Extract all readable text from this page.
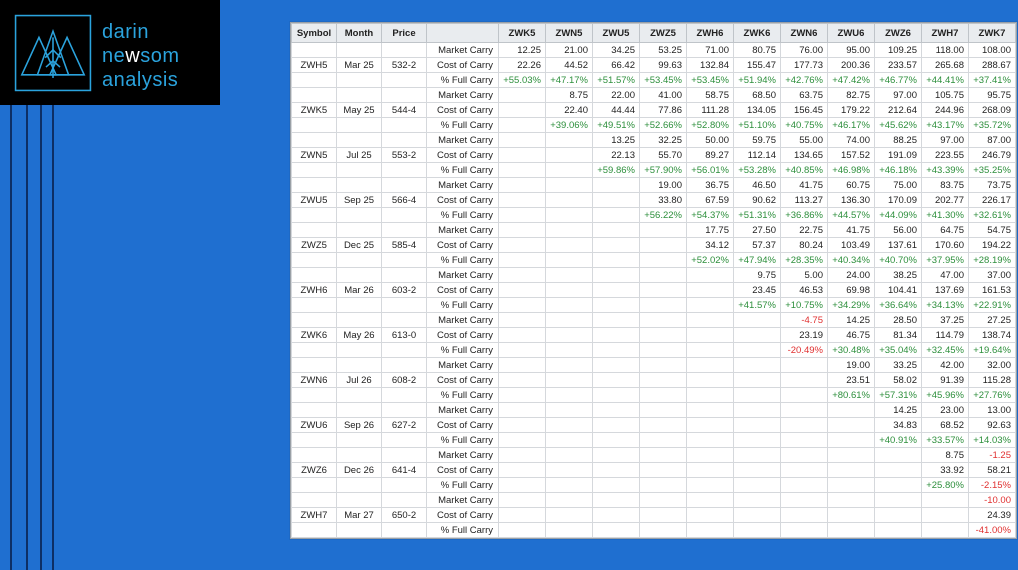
darin
newsom
analysis
Symbol	Month	Price		ZWK5	ZWN5	ZWU5	ZWZ5	ZWH6	ZWK6	ZWN6	ZWU6	ZWZ6	ZWH7	ZWK7
			Market Carry	12.25	21.00	34.25	53.25	71.00	80.75	76.00	95.00	109.25	118.00	108.00
ZWH5	Mar 25	532-2	Cost of Carry	22.26	44.52	66.42	99.63	132.84	155.47	177.73	200.36	233.57	265.68	288.67
			% Full Carry	+55.03%	+47.17%	+51.57%	+53.45%	+53.45%	+51.94%	+42.76%	+47.42%	+46.77%	+44.41%	+37.41%
			Market Carry		8.75	22.00	41.00	58.75	68.50	63.75	82.75	97.00	105.75	95.75
ZWK5	May 25	544-4	Cost of Carry		22.40	44.44	77.86	111.28	134.05	156.45	179.22	212.64	244.96	268.09
			% Full Carry		+39.06%	+49.51%	+52.66%	+52.80%	+51.10%	+40.75%	+46.17%	+45.62%	+43.17%	+35.72%
			Market Carry			13.25	32.25	50.00	59.75	55.00	74.00	88.25	97.00	87.00
ZWN5	Jul 25	553-2	Cost of Carry			22.13	55.70	89.27	112.14	134.65	157.52	191.09	223.55	246.79
			% Full Carry			+59.86%	+57.90%	+56.01%	+53.28%	+40.85%	+46.98%	+46.18%	+43.39%	+35.25%
			Market Carry				19.00	36.75	46.50	41.75	60.75	75.00	83.75	73.75
ZWU5	Sep 25	566-4	Cost of Carry				33.80	67.59	90.62	113.27	136.30	170.09	202.77	226.17
			% Full Carry				+56.22%	+54.37%	+51.31%	+36.86%	+44.57%	+44.09%	+41.30%	+32.61%
			Market Carry					17.75	27.50	22.75	41.75	56.00	64.75	54.75
ZWZ5	Dec 25	585-4	Cost of Carry					34.12	57.37	80.24	103.49	137.61	170.60	194.22
			% Full Carry					+52.02%	+47.94%	+28.35%	+40.34%	+40.70%	+37.95%	+28.19%
			Market Carry						9.75	5.00	24.00	38.25	47.00	37.00
ZWH6	Mar 26	603-2	Cost of Carry						23.45	46.53	69.98	104.41	137.69	161.53
			% Full Carry						+41.57%	+10.75%	+34.29%	+36.64%	+34.13%	+22.91%
			Market Carry							-4.75	14.25	28.50	37.25	27.25
ZWK6	May 26	613-0	Cost of Carry							23.19	46.75	81.34	114.79	138.74
			% Full Carry							-20.49%	+30.48%	+35.04%	+32.45%	+19.64%
			Market Carry								19.00	33.25	42.00	32.00
ZWN6	Jul 26	608-2	Cost of Carry								23.51	58.02	91.39	115.28
			% Full Carry								+80.61%	+57.31%	+45.96%	+27.76%
			Market Carry									14.25	23.00	13.00
ZWU6	Sep 26	627-2	Cost of Carry									34.83	68.52	92.63
			% Full Carry									+40.91%	+33.57%	+14.03%
			Market Carry										8.75	-1.25
ZWZ6	Dec 26	641-4	Cost of Carry										33.92	58.21
			% Full Carry										+25.80%	-2.15%
			Market Carry											-10.00
ZWH7	Mar 27	650-2	Cost of Carry											24.39
			% Full Carry											-41.00%
